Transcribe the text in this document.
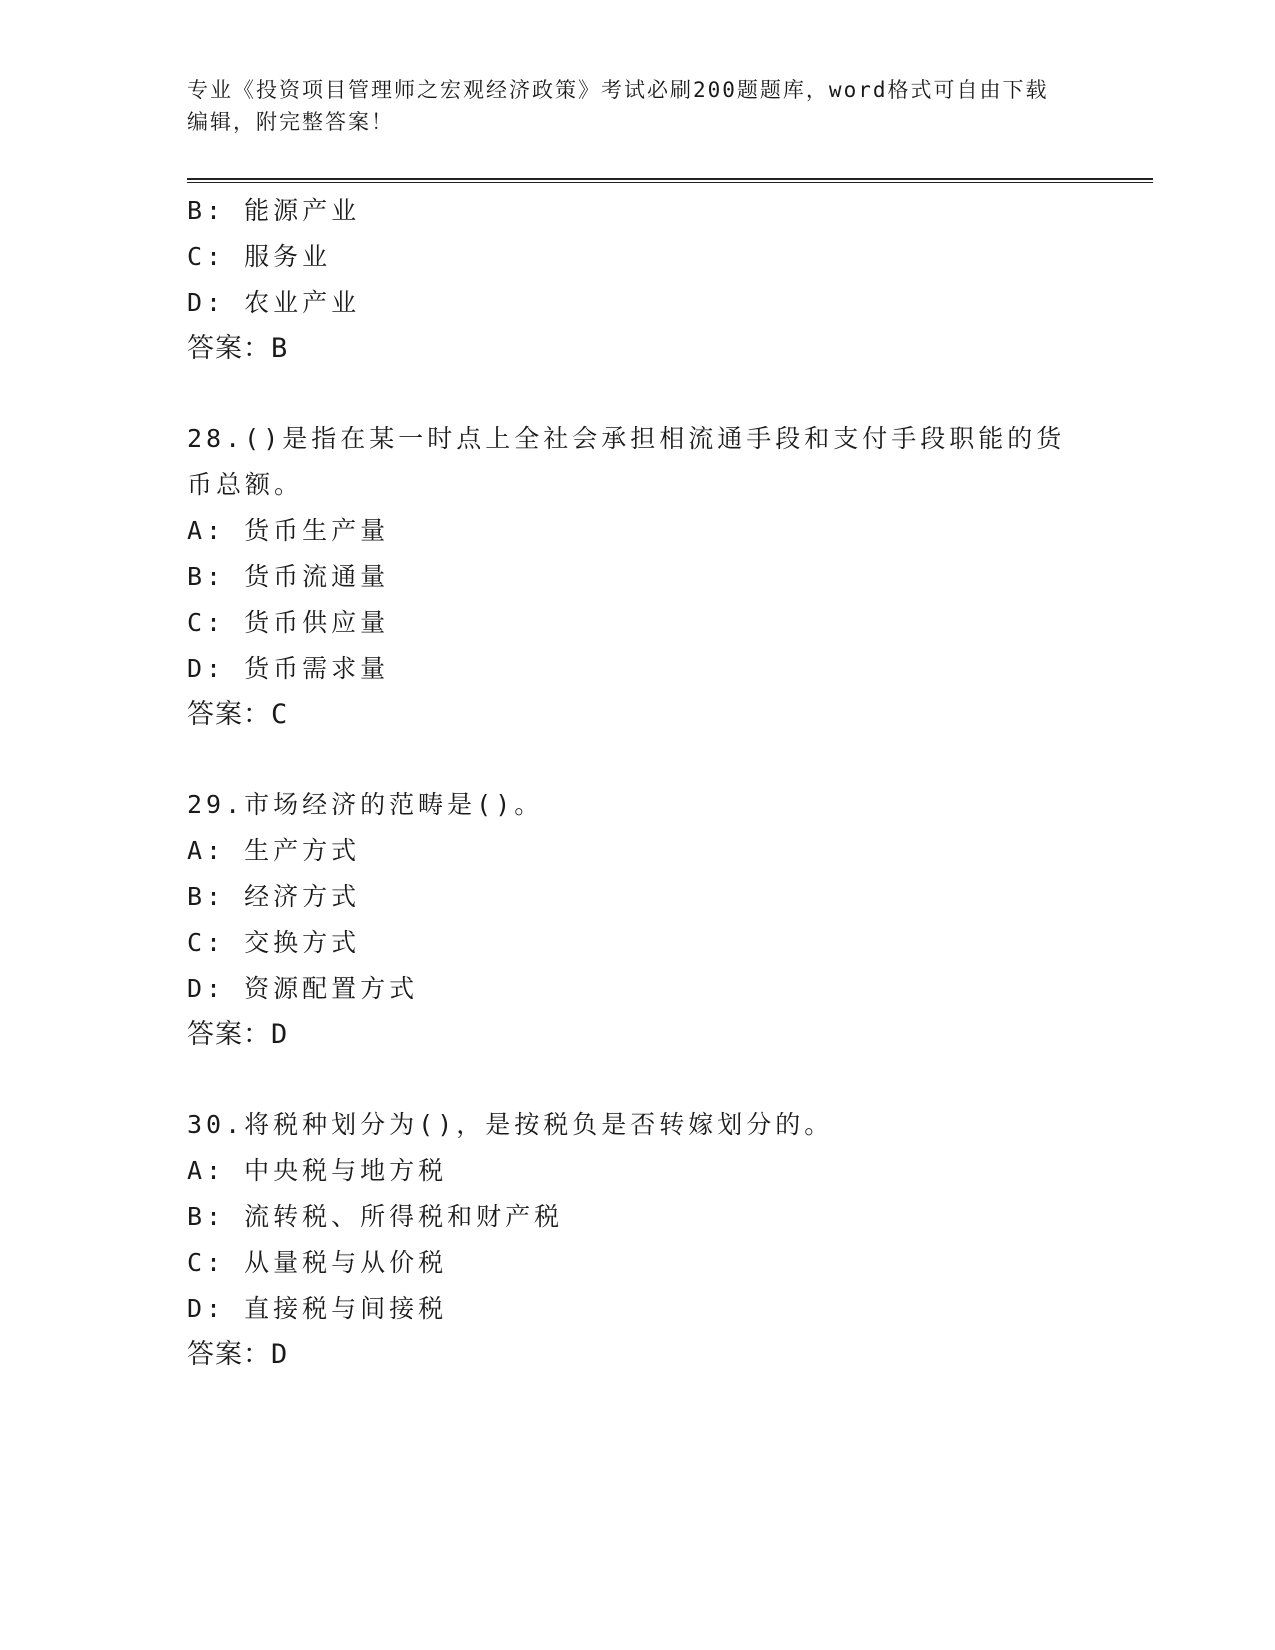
专业《投资项目管理师之宏观经济政策》考试必刷200题题库，word格式可自由下载编辑，附完整答案！
B: 能源产业
C: 服务业
D: 农业产业
答案：B
28.()是指在某一时点上全社会承担相流通手段和支付手段职能的货币总额。
A: 货币生产量
B: 货币流通量
C: 货币供应量
D: 货币需求量
答案：C
29.市场经济的范畴是()。
A: 生产方式
B: 经济方式
C: 交换方式
D: 资源配置方式
答案：D
30.将税种划分为()，是按税负是否转嫁划分的。
A: 中央税与地方税
B: 流转税、所得税和财产税
C: 从量税与从价税
D: 直接税与间接税
答案：D
